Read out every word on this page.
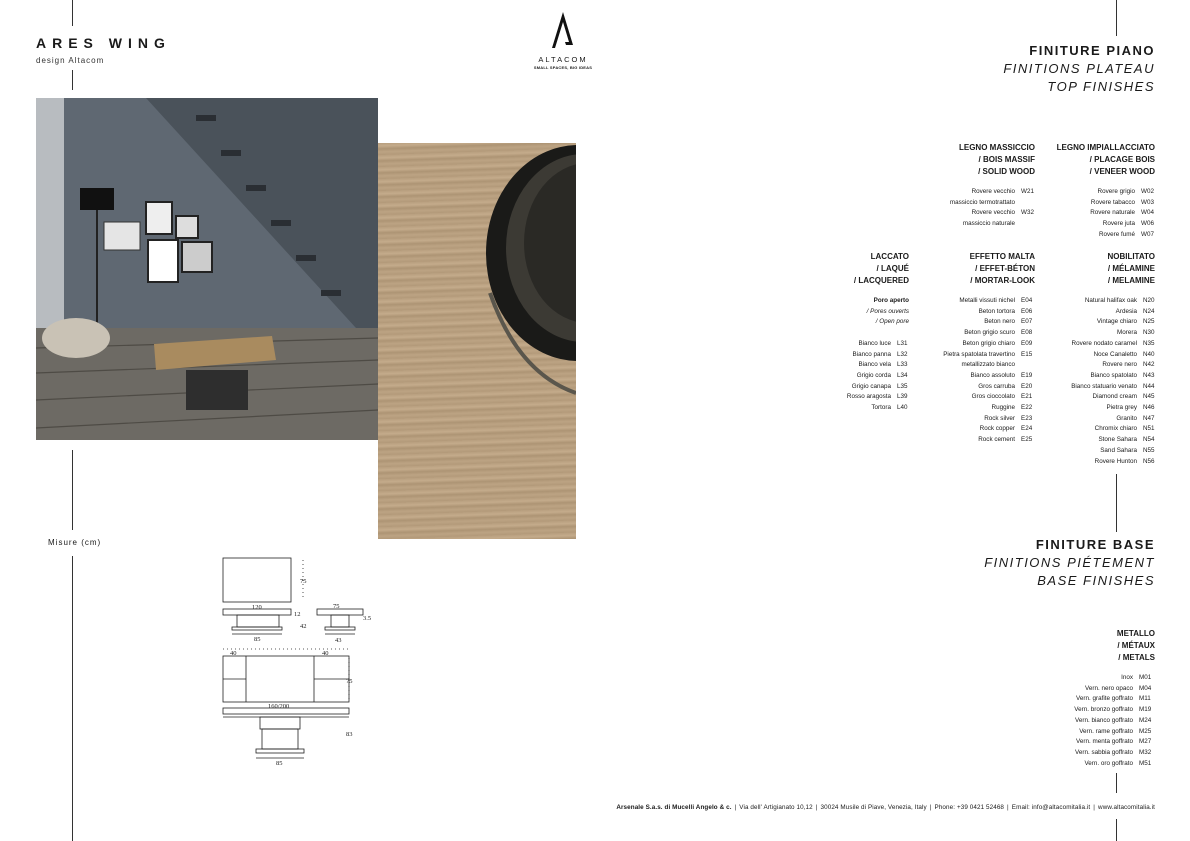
ARES WING
design Altacom	ALTACOM
SMALL SPACES, BIG IDEAS
FINITURE PIANO
FINITIONS PLATEAU
TOP FINISHES
LEGNO MASSICCIO
/ BOIS MASSIF
/ SOLID WOOD
Rovere vecchio W21
massiccio termotrattato
Rovere vecchio W32
massiccio naturale
LEGNO IMPIALLACCIATO
/ PLACAGE BOIS
/ VENEER WOOD
Rovere grigio W02
Rovere tabacco W03
Rovere naturale W04
Rovere juta W06
Rovere fumé W07
LACCATO
/ LAQUÉ
/ LACQUERED
Poro aperto
/ Pores ouverts
/ Open pore
Bianco luce L31
Bianco panna L32
Bianco vela L33
Grigio corda L34
Grigio canapa L35
Rosso aragosta L39
Tortora L40
EFFETTO MALTA
/ EFFET-BÉTON
/ MORTAR-LOOK
Metalli vissuti nichel E04
Beton tortora E06
Beton nero E07
Beton grigio scuro E08
Beton grigio chiaro E09
Pietra spatolata travertino E15
metallizzato bianco
Bianco assoluto E19
Gros carruba E20
Gros cioccolato E21
Ruggine E22
Rock silver E23
Rock copper E24
Rock cement E25
NOBILITATO
/ MÉLAMINE
/ MELAMINE
Natural halifax oak N20
Ardesia N24
Vintage chiaro N25
Morera N30
Rovere nodato caramel N35
Noce Canaletto N40
Rovere nero N42
Bianco spatolato N43
Bianco statuario venato N44
Diamond cream N45
Pietra grey N46
Granito N47
Chromix chiaro N51
Stone Sahara N54
Sand Sahara N55
Rovere Hunton N56
FINITURE BASE
FINITIONS PIÉTEMENT
BASE FINISHES
METALLO
/ MÉTAUX
/ METALS
Inox M01
Vern. nero opaco M04
Vern. grafite goffrato M11
Vern. bronzo goffrato M19
Vern. bianco goffrato M24
Vern. rame goffrato M25
Vern. menta goffrato M27
Vern. sabbia goffrato M32
Vern. oro goffrato M51
Misure (cm)
75
120
12
42
85
75
3.5
43
40	40
75
160/200
83
85
Arsenale S.a.s. di Mucelli Angelo & c. | Via dell' Artigianato 10,12 | 30024 Musile di Piave, Venezia, Italy | Phone: +39 0421 52468 | Email: info@altacomitalia.it | www.altacomitalia.it
